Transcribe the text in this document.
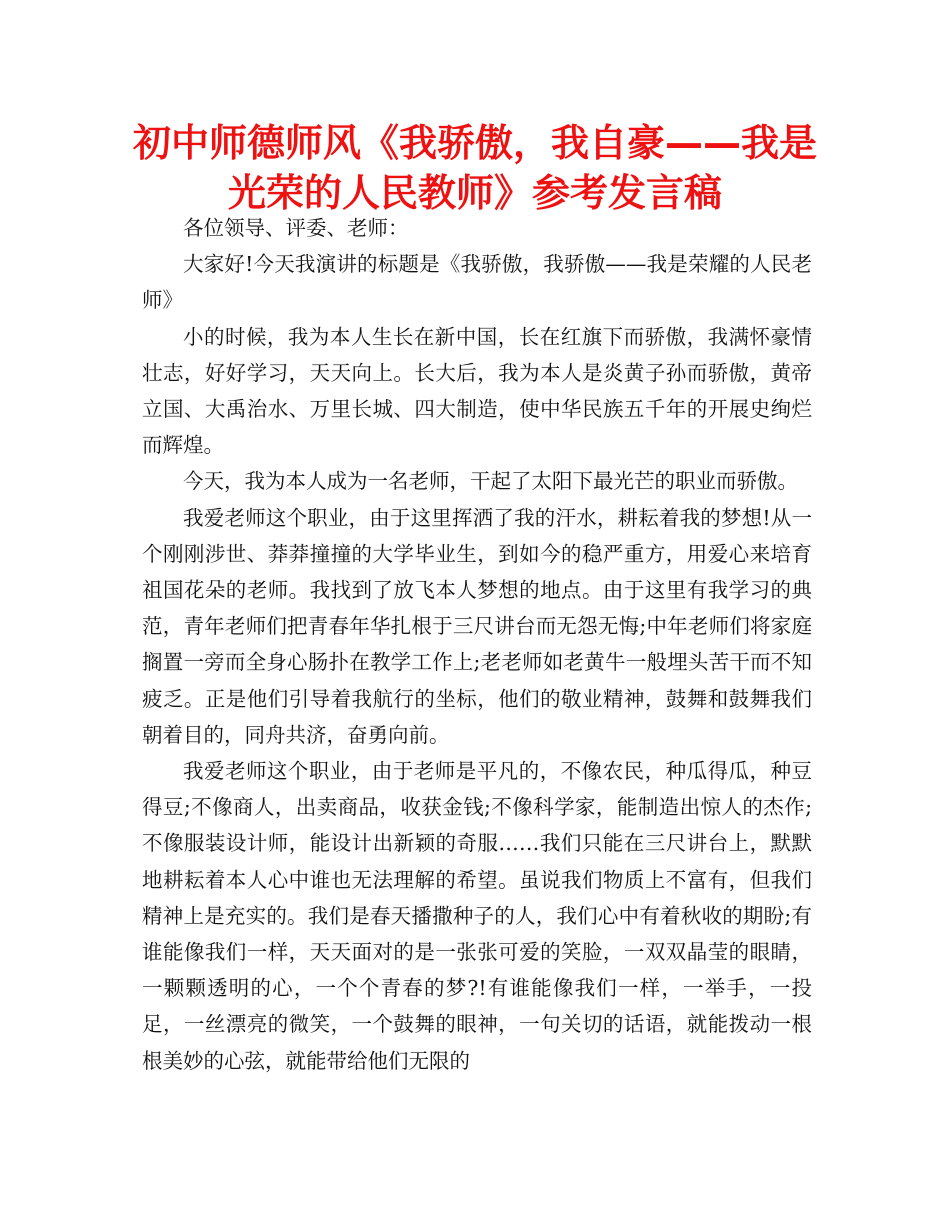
初中师德师风《我骄傲，我自豪——我是
光荣的人民教师》参考发言稿

各位领导、评委、老师：

大家好!今天我演讲的标题是《我骄傲，我骄傲——我是荣耀的人民老师》

小的时候，我为本人生长在新中国，长在红旗下而骄傲，我满怀豪情壮志，好好学习，天天向上。长大后，我为本人是炎黄子孙而骄傲，黄帝立国、大禹治水、万里长城、四大制造，使中华民族五千年的开展史绚烂而辉煌。

今天，我为本人成为一名老师，干起了太阳下最光芒的职业而骄傲。

我爱老师这个职业，由于这里挥洒了我的汗水，耕耘着我的梦想!从一个刚刚涉世、莽莽撞撞的大学毕业生，到如今的稳严重方，用爱心来培育祖国花朵的老师。我找到了放飞本人梦想的地点。由于这里有我学习的典范，青年老师们把青春年华扎根于三尺讲台而无怨无悔;中年老师们将家庭搁置一旁而全身心肠扑在教学工作上;老老师如老黄牛一般埋头苦干而不知疲乏。正是他们引导着我航行的坐标，他们的敬业精神，鼓舞和鼓舞我们朝着目的，同舟共济，奋勇向前。

我爱老师这个职业，由于老师是平凡的，不像农民，种瓜得瓜，种豆得豆;不像商人，出卖商品，收获金钱;不像科学家，能制造出惊人的杰作;不像服装设计师，能设计出新颖的奇服……我们只能在三尺讲台上，默默地耕耘着本人心中谁也无法理解的希望。虽说我们物质上不富有，但我们精神上是充实的。我们是春天播撒种子的人，我们心中有着秋收的期盼;有谁能像我们一样，天天面对的是一张张可爱的笑脸，一双双晶莹的眼睛，一颗颗透明的心，一个个青春的梦?!有谁能像我们一样，一举手，一投足，一丝漂亮的微笑，一个鼓舞的眼神，一句关切的话语，就能拨动一根根美妙的心弦，就能带给他们无限的
